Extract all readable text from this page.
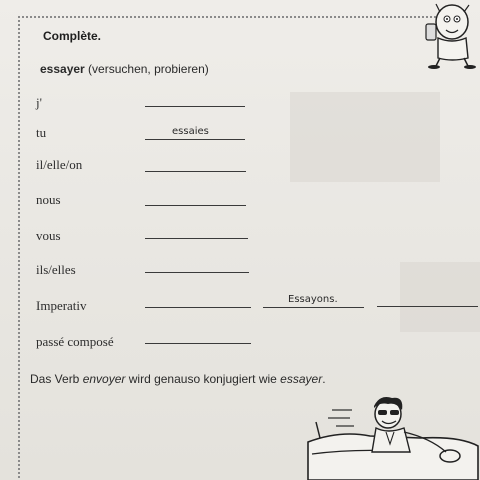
Complète.
essayer (versuchen, probieren)
j'
tu	essaies
il/elle/on
nous
vous
ils/elles
Imperativ	Essayons.
passé composé
Das Verb envoyer wird genauso konjugiert wie essayer.
